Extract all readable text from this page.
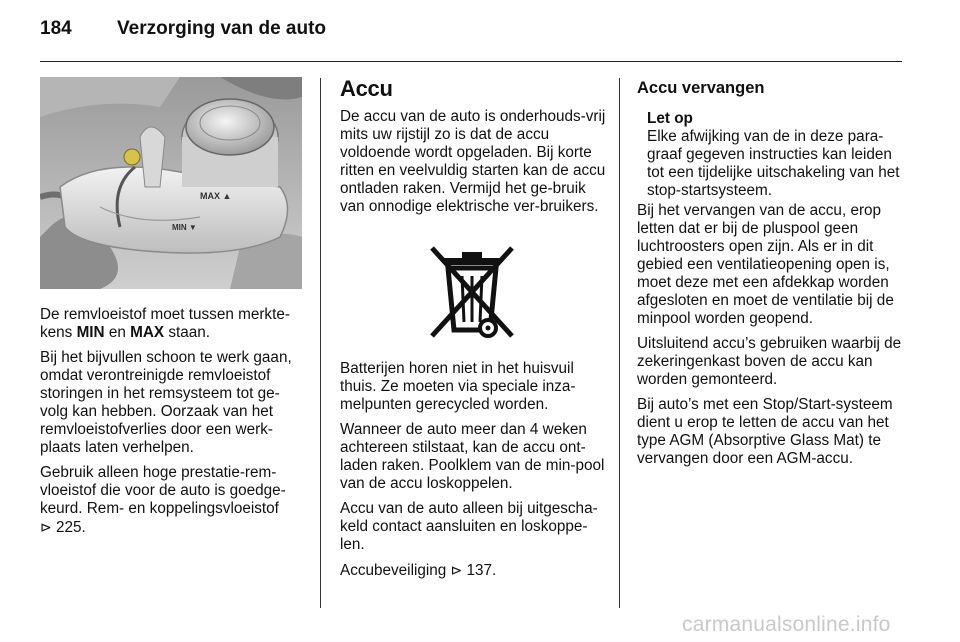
184 Verzorging van de auto
MAX ▲
MIN ▼

De remvloeistof moet tussen merkte-kens MIN en MAX staan.

Bij het bijvullen schoon te werk gaan, omdat verontreinigde remvloeistof storingen in het remsysteem tot ge-volg kan hebben. Oorzaak van het remvloeistofverlies door een werk-plaats laten verhelpen.

Gebruik alleen hoge prestatie-rem-vloeistof die voor de auto is goedge-keurd. Rem- en koppelingsvloeistof
⊳ 225.

Accu

De accu van de auto is onderhouds-vrij mits uw rijstijl zo is dat de accu voldoende wordt opgeladen. Bij korte ritten en veelvuldig starten kan de accu ontladen raken. Vermijd het ge-bruik van onnodige elektrische ver-bruikers.

Batterijen horen niet in het huisvuil thuis. Ze moeten via speciale inza-melpunten gerecycled worden.

Wanneer de auto meer dan 4 weken achtereen stilstaat, kan de accu ont-laden raken. Poolklem van de min-pool van de accu loskoppelen.

Accu van de auto alleen bij uitgescha-keld contact aansluiten en loskoppe-len.

Accubeveiliging ⊳ 137.

Accu vervangen
Let op
Elke afwijking van de in deze para-graaf gegeven instructies kan leiden tot een tijdelijke uitschakeling van het stop-startsysteem.

Bij het vervangen van de accu, erop letten dat er bij de pluspool geen luchtroosters open zijn. Als er in dit gebied een ventilatieopening open is, moet deze met een afdekkap worden afgesloten en moet de ventilatie bij de minpool worden geopend.

Uitsluitend accu’s gebruiken waarbij de zekeringenkast boven de accu kan worden gemonteerd.

Bij auto’s met een Stop/Start-systeem dient u erop te letten de accu van het type AGM (Absorptive Glass Mat) te vervangen door een AGM-accu.

carmanualsonline.info
